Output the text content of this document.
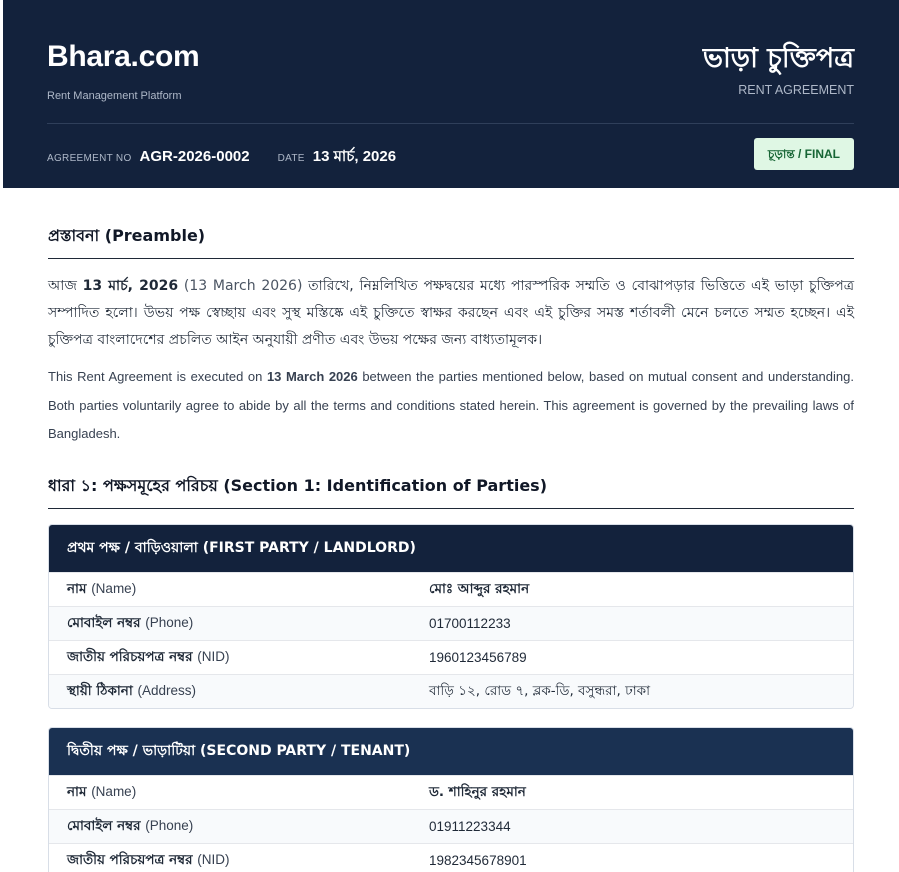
Bhara.com
Rent Management Platform
ভাড়া চুক্তিপত্র
RENT AGREEMENT
AGREEMENT NO AGR-2026-0002	DATE 13 মার্চ, 2026	চূড়ান্ত / FINAL
প্রস্তাবনা (Preamble)

আজ 13 মার্চ, 2026 (13 March 2026) তারিখে, নিম্নলিখিত পক্ষদ্বয়ের মধ্যে পারস্পরিক সম্মতি ও বোঝাপড়ার ভিত্তিতে এই ভাড়া চুক্তিপত্র সম্পাদিত হলো। উভয় পক্ষ স্বেচ্ছায় এবং সুস্থ মস্তিষ্কে এই চুক্তিতে স্বাক্ষর করছেন এবং এই চুক্তির সমস্ত শর্তাবলী মেনে চলতে সম্মত হচ্ছেন। এই চুক্তিপত্র বাংলাদেশের প্রচলিত আইন অনুযায়ী প্রণীত এবং উভয় পক্ষের জন্য বাধ্যতামূলক।

This Rent Agreement is executed on 13 March 2026 between the parties mentioned below, based on mutual consent and understanding. Both parties voluntarily agree to abide by all the terms and conditions stated herein. This agreement is governed by the prevailing laws of Bangladesh.

ধারা ১: পক্ষসমূহের পরিচয় (Section 1: Identification of Parties)
প্রথম পক্ষ / বাড়িওয়ালা (FIRST PARTY / LANDLORD)
নাম (Name)	মোঃ আব্দুর রহমান
মোবাইল নম্বর (Phone)	01700112233
জাতীয় পরিচয়পত্র নম্বর (NID)	1960123456789
স্থায়ী ঠিকানা (Address)	বাড়ি ১২, রোড ৭, ব্লক-ডি, বসুন্ধরা, ঢাকা
দ্বিতীয় পক্ষ / ভাড়াটিয়া (SECOND PARTY / TENANT)
নাম (Name)	ড. শাহিনুর রহমান
মোবাইল নম্বর (Phone)	01911223344
জাতীয় পরিচয়পত্র নম্বর (NID)	1982345678901
